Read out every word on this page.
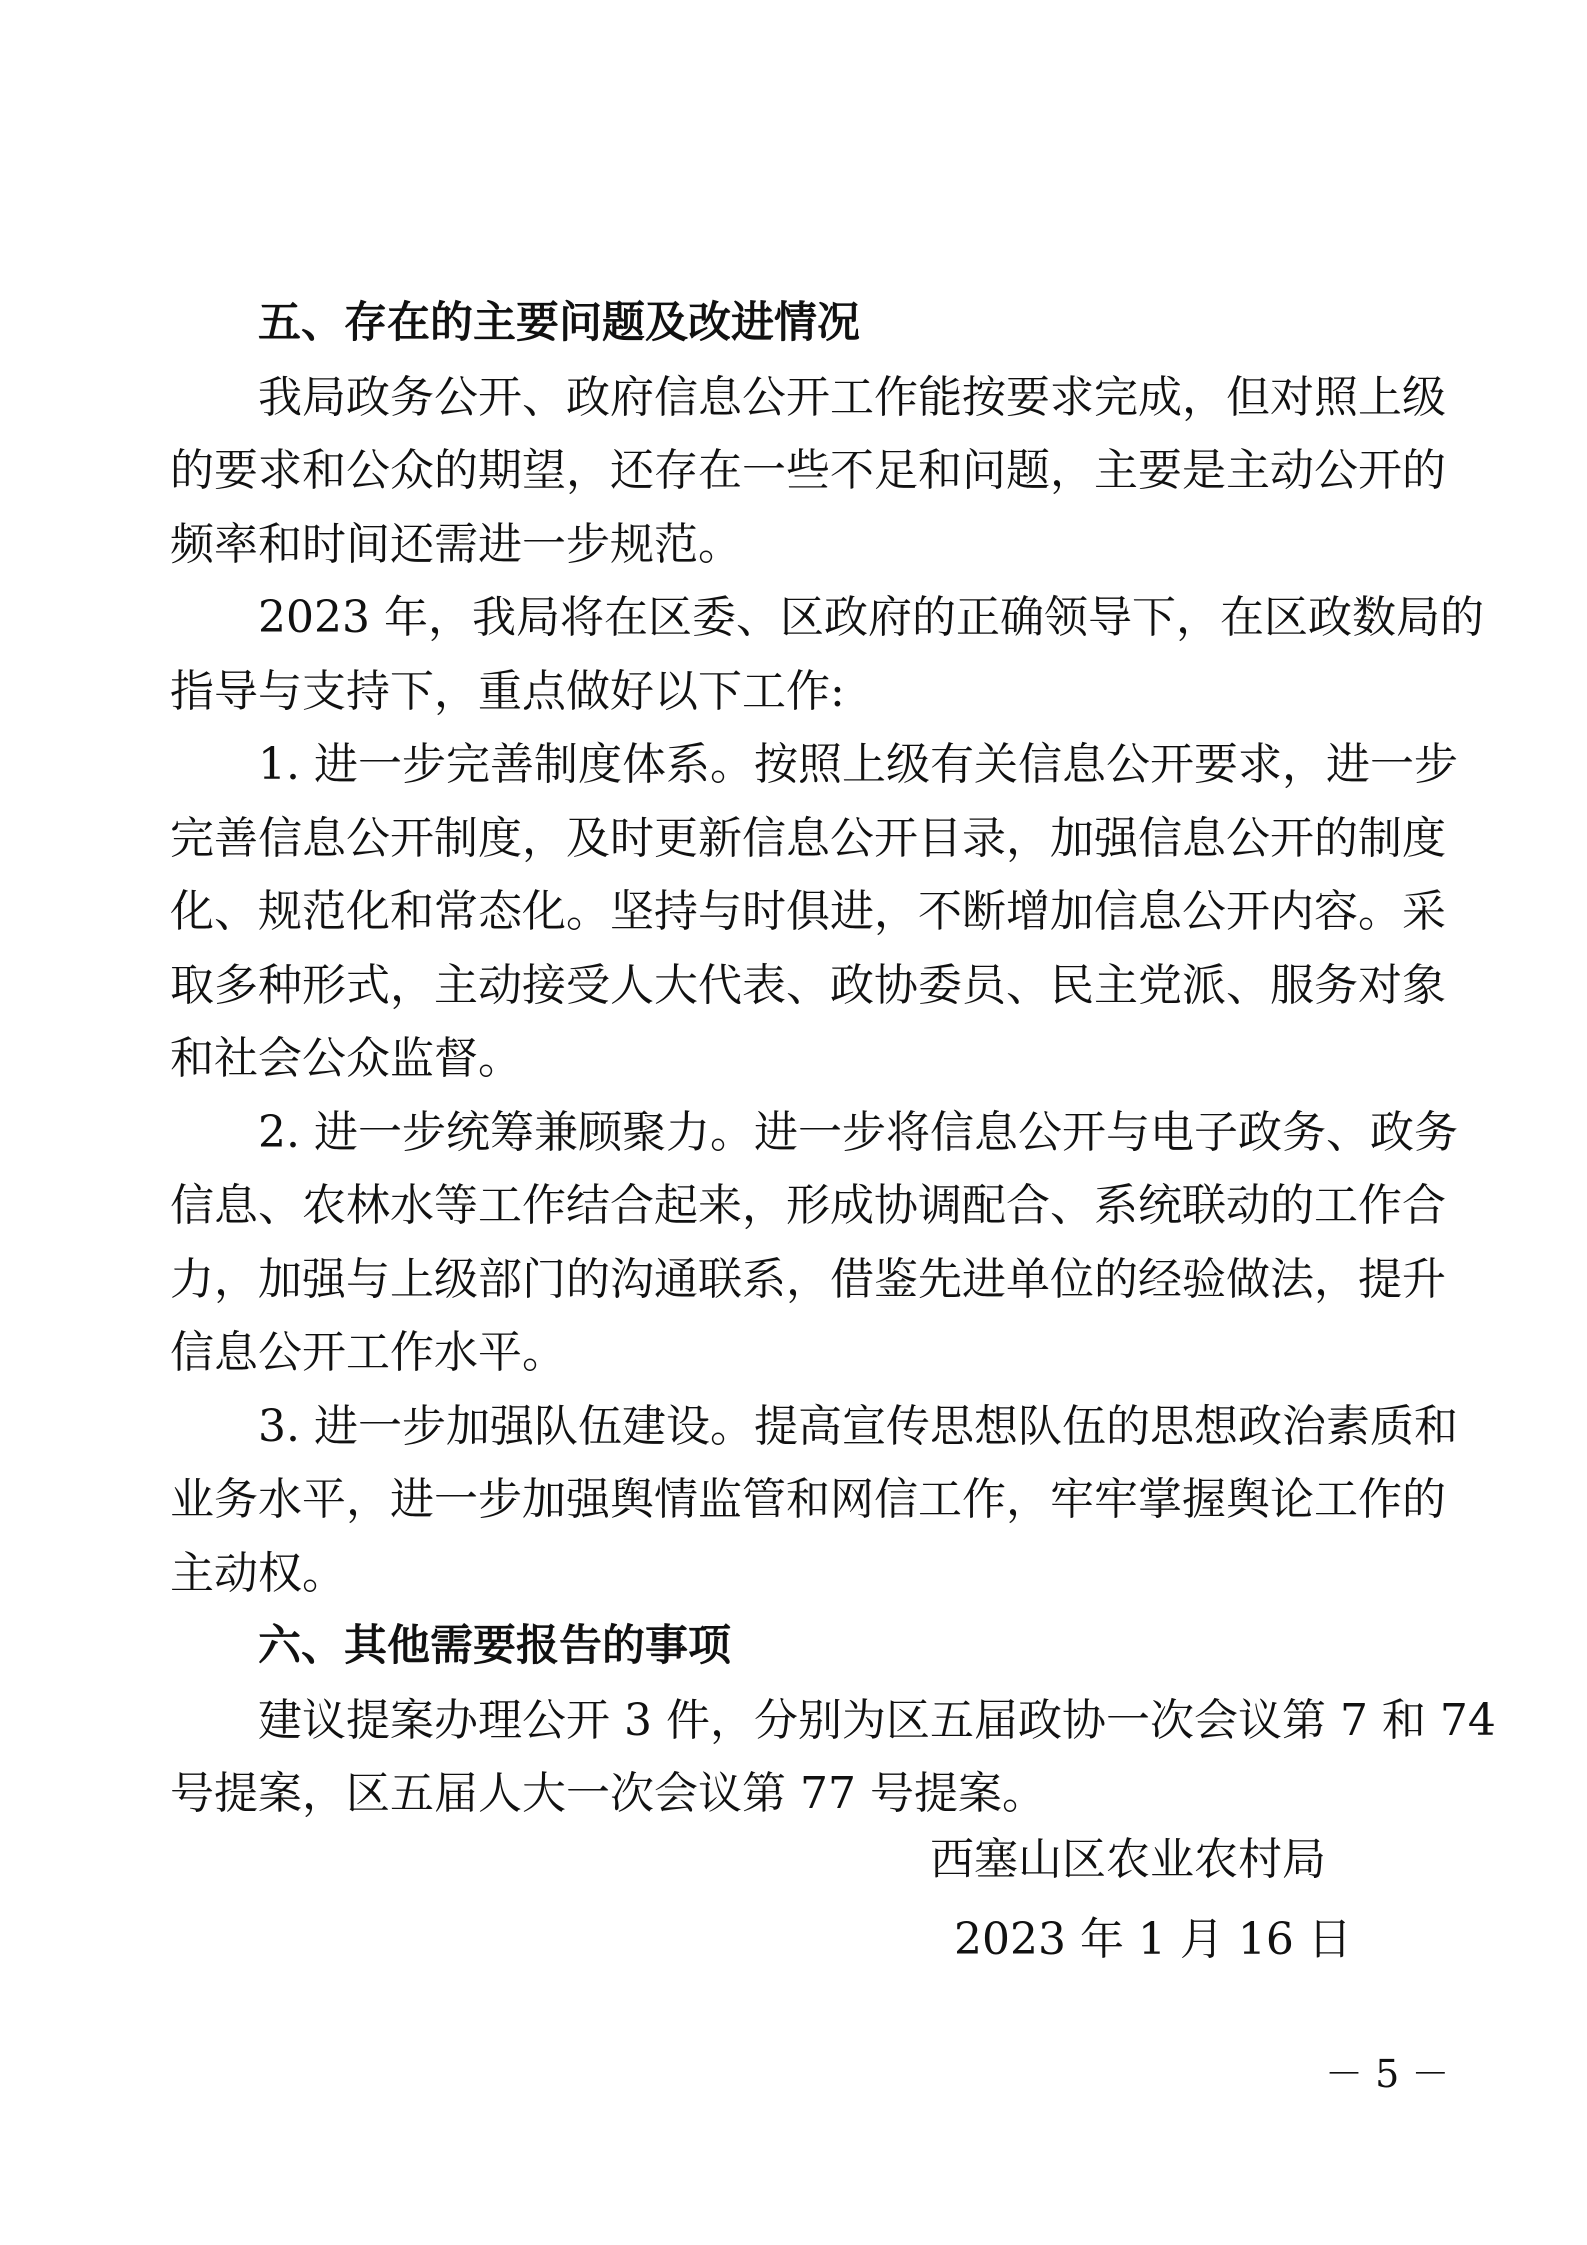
五、存在的主要问题及改进情况
我局政务公开、政府信息公开工作能按要求完成，但对照上级
的要求和公众的期望，还存在一些不足和问题，主要是主动公开的
频率和时间还需进一步规范。
2023 年，我局将在区委、区政府的正确领导下，在区政数局的
指导与支持下，重点做好以下工作:
1. 进一步完善制度体系。按照上级有关信息公开要求，进一步
完善信息公开制度，及时更新信息公开目录，加强信息公开的制度
化、规范化和常态化。坚持与时俱进，不断增加信息公开内容。采
取多种形式，主动接受人大代表、政协委员、民主党派、服务对象
和社会公众监督。
2. 进一步统筹兼顾聚力。进一步将信息公开与电子政务、政务
信息、农林水等工作结合起来，形成协调配合、系统联动的工作合
力，加强与上级部门的沟通联系，借鉴先进单位的经验做法，提升
信息公开工作水平。
3. 进一步加强队伍建设。提高宣传思想队伍的思想政治素质和
业务水平，进一步加强舆情监管和网信工作，牢牢掌握舆论工作的
主动权。
六、其他需要报告的事项
建议提案办理公开 3 件，分别为区五届政协一次会议第 7 和 74
号提案，区五届人大一次会议第 77 号提案。
西塞山区农业农村局
2023 年 1 月 16 日
－ 5 －
